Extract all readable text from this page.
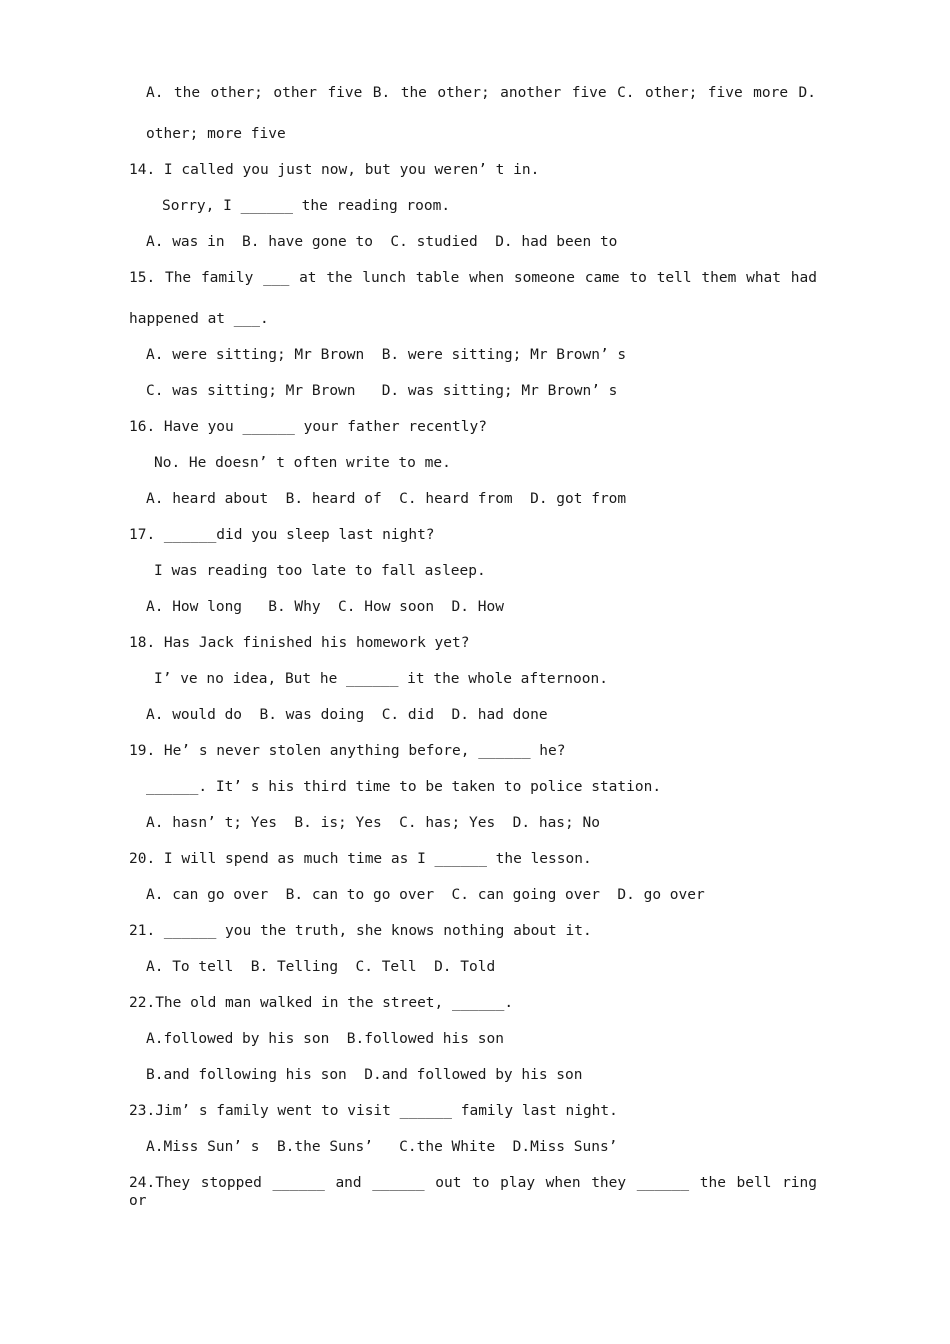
A. the other; other five B. the other; another five C. other; five more D.
other; more five
14. I called you just now, but you weren’ t in.
Sorry, I ______ the reading room.
A. was in  B. have gone to  C. studied  D. had been to
15. The family ___ at the lunch table when someone came to tell them what had
happened at ___.
A. were sitting; Mr Brown  B. were sitting; Mr Brown’ s
C. was sitting; Mr Brown   D. was sitting; Mr Brown’ s
16. Have you ______ your father recently?
No. He doesn’ t often write to me.
A. heard about  B. heard of  C. heard from  D. got from
17. ______did you sleep last night?
I was reading too late to fall asleep.
A. How long   B. Why  C. How soon  D. How
18. Has Jack finished his homework yet?
I’ ve no idea, But he ______ it the whole afternoon.
A. would do  B. was doing  C. did  D. had done
19. He’ s never stolen anything before, ______ he?
______. It’ s his third time to be taken to police station.
A. hasn’ t; Yes  B. is; Yes  C. has; Yes  D. has; No
20. I will spend as much time as I ______ the lesson.
A. can go over  B. can to go over  C. can going over  D. go over
21. ______ you the truth, she knows nothing about it.
A. To tell  B. Telling  C. Tell  D. Told
22.The old man walked in the street, ______.
A.followed by his son  B.followed his son
B.and following his son  D.and followed by his son
23.Jim’ s family went to visit ______ family last night.
A.Miss Sun’ s  B.the Suns’   C.the White  D.Miss Suns’
24.They stopped ______ and ______ out to play when they ______ the bell ring or
